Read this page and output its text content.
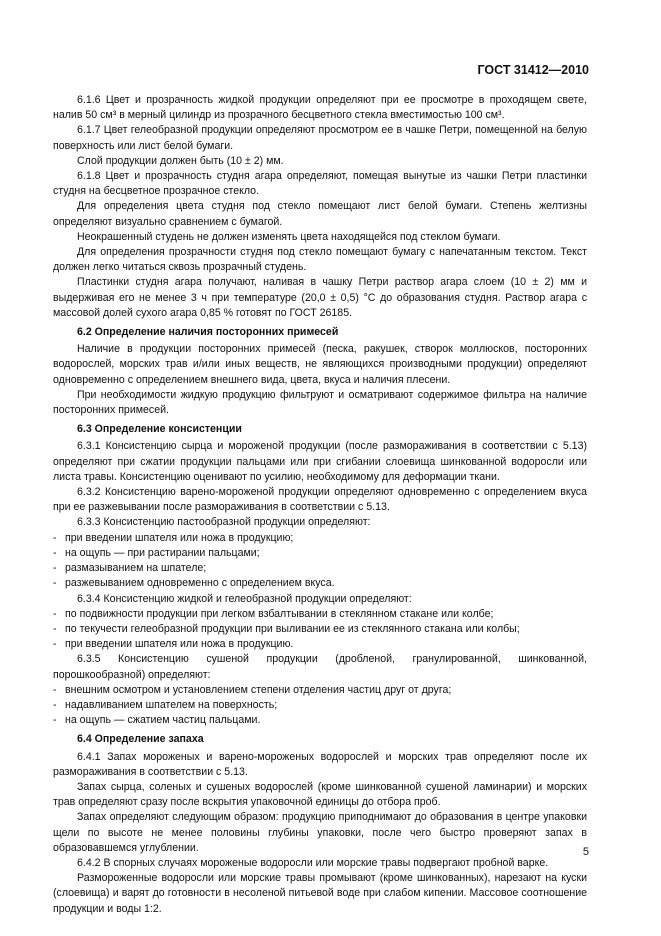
ГОСТ 31412—2010
6.1.6 Цвет и прозрачность жидкой продукции определяют при ее просмотре в проходящем свете, налив 50 см³ в мерный цилиндр из прозрачного бесцветного стекла вместимостью 100 см³.
6.1.7 Цвет гелеобразной продукции определяют просмотром ее в чашке Петри, помещенной на белую поверхность или лист белой бумаги.
Слой продукции должен быть (10 ± 2) мм.
6.1.8 Цвет и прозрачность студня агара определяют, помещая вынутые из чашки Петри пластинки студня на бесцветное прозрачное стекло.
Для определения цвета студня под стекло помещают лист белой бумаги. Степень желтизны определяют визуально сравнением с бумагой.
Неокрашенный студень не должен изменять цвета находящейся под стеклом бумаги.
Для определения прозрачности студня под стекло помещают бумагу с напечатанным текстом. Текст должен легко читаться сквозь прозрачный студень.
Пластинки студня агара получают, наливая в чашку Петри раствор агара слоем (10 ± 2) мм и выдерживая его не менее 3 ч при температуре (20,0 ± 0,5) °С до образования студня. Раствор агара с массовой долей сухого агара 0,85 % готовят по ГОСТ 26185.
6.2 Определение наличия посторонних примесей
Наличие в продукции посторонних примесей (песка, ракушек, створок моллюсков, посторонних водорослей, морских трав и/или иных веществ, не являющихся производными продукции) определяют одновременно с определением внешнего вида, цвета, вкуса и наличия плесени.
При необходимости жидкую продукцию фильтруют и осматривают содержимое фильтра на наличие посторонних примесей.
6.3 Определение консистенции
6.3.1 Консистенцию сырца и мороженой продукции (после размораживания в соответствии с 5.13) определяют при сжатии продукции пальцами или при сгибании слоевища шинкованной водоросли или листа травы. Консистенцию оценивают по усилию, необходимому для деформации ткани.
6.3.2 Консистенцию варено-мороженой продукции определяют одновременно с определением вкуса при ее разжевывании после размораживания в соответствии с 5.13.
6.3.3 Консистенцию пастообразной продукции определяют:
- при введении шпателя или ножа в продукцию;
- на ощупь — при растирании пальцами;
- размазыванием на шпателе;
- разжевыванием одновременно с определением вкуса.
6.3.4 Консистенцию жидкой и гелеобразной продукции определяют:
- по подвижности продукции при легком взбалтывании в стеклянном стакане или колбе;
- по текучести гелеобразной продукции при выливании ее из стеклянного стакана или колбы;
- при введении шпателя или ножа в продукцию.
6.3.5 Консистенцию сушеной продукции (дробленой, гранулированной, шинкованной, порошкообразной) определяют:
- внешним осмотром и установлением степени отделения частиц друг от друга;
- надавливанием шпателем на поверхность;
- на ощупь — сжатием частиц пальцами.
6.4 Определение запаха
6.4.1 Запах мороженых и варено-мороженых водорослей и морских трав определяют после их размораживания в соответствии с 5.13.
Запах сырца, соленых и сушеных водорослей (кроме шинкованной сушеной ламинарии) и морских трав определяют сразу после вскрытия упаковочной единицы до отбора проб.
Запах определяют следующим образом: продукцию приподнимают до образования в центре упаковки щели по высоте не менее половины глубины упаковки, после чего быстро проверяют запах в образовавшемся углублении.
6.4.2 В спорных случаях мороженые водоросли или морские травы подвергают пробной варке.
Размороженные водоросли или морские травы промывают (кроме шинкованных), нарезают на куски (слоевища) и варят до готовности в несоленой питьевой воде при слабом кипении. Массовое соотношение продукции и воды 1:2.
5
